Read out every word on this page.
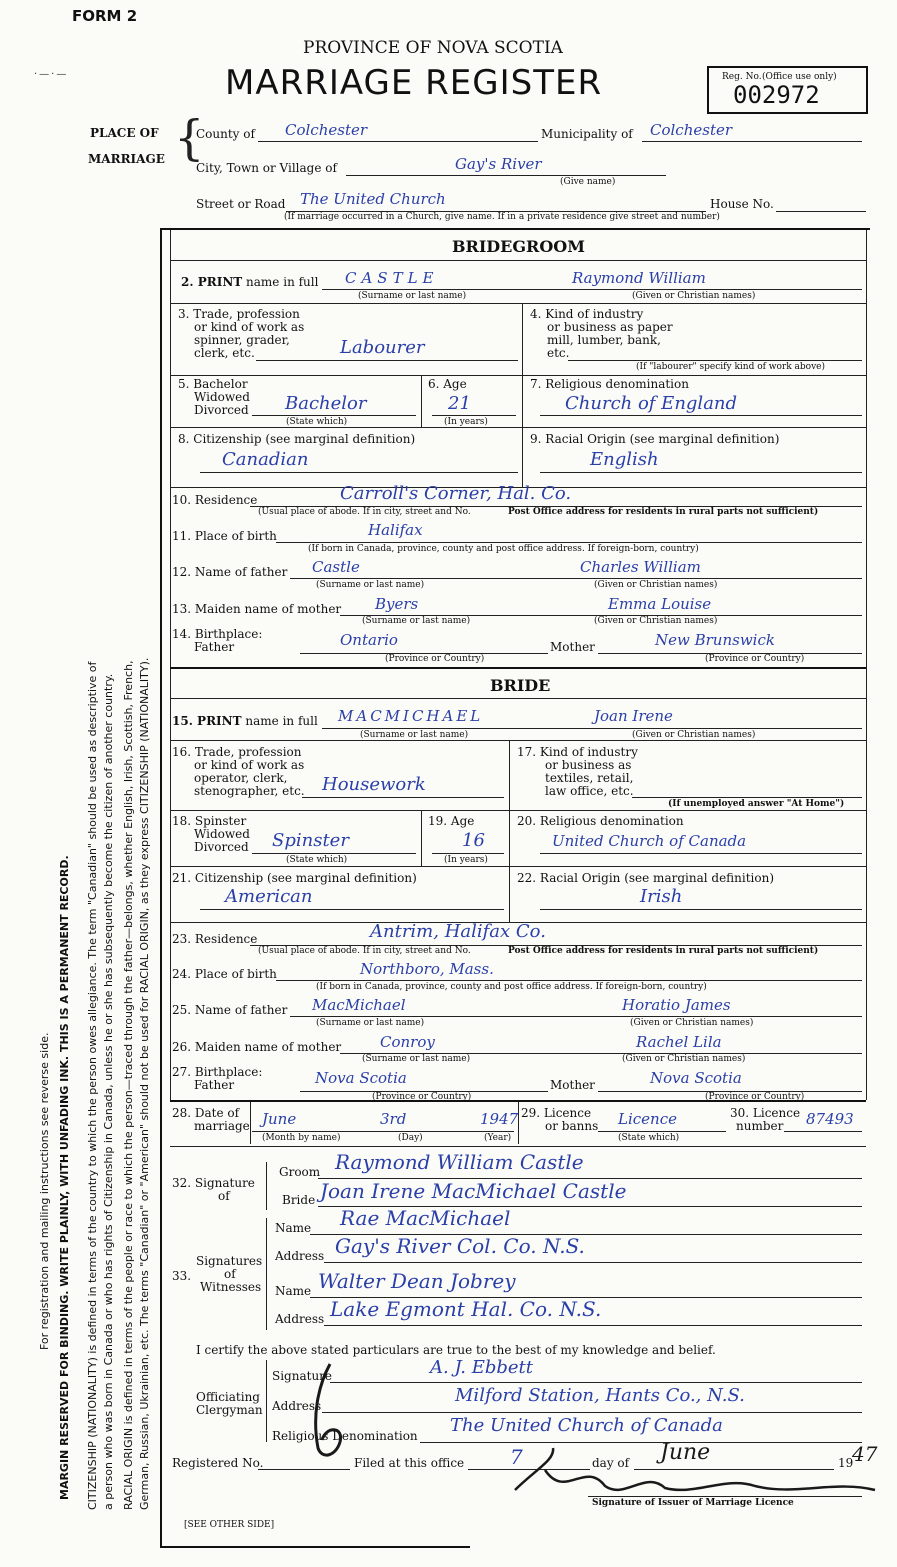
FORM 2
·—·—
PROVINCE OF NOVA SCOTIA
MARRIAGE REGISTER	Reg. No. (Office use only)
002972
For registration and mailing instructions see reverse side. MARGIN RESERVED FOR BINDING. WRITE PLAINLY, WITH UNFADING INK. THIS IS A PERMANENT RECORD. CITIZENSHIP (NATIONALITY) is defined in terms of the country to which the person owes allegiance. The term "Canadian" should be used as descriptive of a person who was born in Canada or who has rights of Citizenship in Canada, unless he or she has subsequently become the citizen of another country. RACIAL ORIGIN is defined in terms of the people or race to which the person—traced through the father—belongs, whether English, Irish, Scottish, French, German, Russian, Ukrainian, etc. The terms "Canadian" or "American" should not be used for RACIAL ORIGIN, as they express CITIZENSHIP (NATIONALITY).
PLACE OF
MARRIAGE {
County of Colchester	Municipality of Colchester
City, Town or Village of	Gay's River
(Give name)
Street or Road The United Church	House No.
(If marriage occurred in a Church, give name. If in a private residence give street and number)
BRIDEGROOM
2. PRINT name in full CASTLE	Raymond William
(Surname or last name)	(Given or Christian names)
3. Trade, profession
or kind of work as
spinner, grader,
clerk, etc.	Labourer
4. Kind of industry
or business as paper
mill, lumber, bank,
etc.
(If "labourer" specify kind of work above)
5. Bachelor
Widowed
Divorced Bachelor
(State which)
6. Age
21
(In years)
7. Religious denomination
Church of England
8. Citizenship (see marginal definition)
Canadian
9. Racial Origin (see marginal definition)
English
10. Residence	Carroll's Corner, Hal. Co.
(Usual place of abode. If in city, street and No.	Post Office address for residents in rural parts not sufficient)
11. Place of birth	Halifax
(If born in Canada, province, county and post office address. If foreign-born, country)
12. Name of father Castle	Charles William
(Surname or last name)	(Given or Christian names)
13. Maiden name of mother Byers	Emma Louise
(Surname or last name)	(Given or Christian names)
14. Birthplace:
Father	Ontario	Mother	New Brunswick
(Province or Country)	(Province or Country)
BRIDE
15. PRINT name in full MACMICHAEL	Joan Irene
(Surname or last name)	(Given or Christian names)
16. Trade, profession
or kind of work as
operator, clerk,
stenographer, etc. Housework
17. Kind of industry
or business as
textiles, retail,
law office, etc.
(If unemployed answer "At Home")
18. Spinster
Widowed
Divorced Spinster
(State which)
19. Age
16
(In years)
20. Religious denomination
United Church of Canada
21. Citizenship (see marginal definition)
American
22. Racial Origin (see marginal definition)
Irish
23. Residence	Antrim, Halifax Co.
(Usual place of abode. If in city, street and No.	Post Office address for residents in rural parts not sufficient)
24. Place of birth	Northboro, Mass.
(If born in Canada, province, county and post office address. If foreign-born, country)
25. Name of father MacMichael	Horatio James
(Surname or last name)	(Given or Christian names)
26. Maiden name of mother	Conroy	Rachel Lila
(Surname or last name)	(Given or Christian names)
27. Birthplace:
Father	Nova Scotia	Mother	Nova Scotia
(Province or Country)	(Province or Country)
28. Date of
marriage June	3rd	1947
(Month by name)	(Day)	(Year)
29. Licence
or banns Licence
(State which)
30. Licence
number 87493
32. Signature
of
Groom Raymond William Castle
Bride Joan Irene MacMichael Castle
33.
Signatures
of
Witnesses
Name Rae MacMichael
Address Gay's River Col. Co. N.S.
Name Walter Dean Jobrey
Address Lake Egmont Hal. Co. N.S.
I certify the above stated particulars are true to the best of my knowledge and belief.
Officiating
Clergyman
Signature	A. J. Ebbett
Address	Milford Station, Hants Co., N.S.
Religious Denomination The United Church of Canada
Registered No.	Filed at this office 7	day of June	19
47
Signature of Issuer of Marriage Licence
[SEE OTHER SIDE]
